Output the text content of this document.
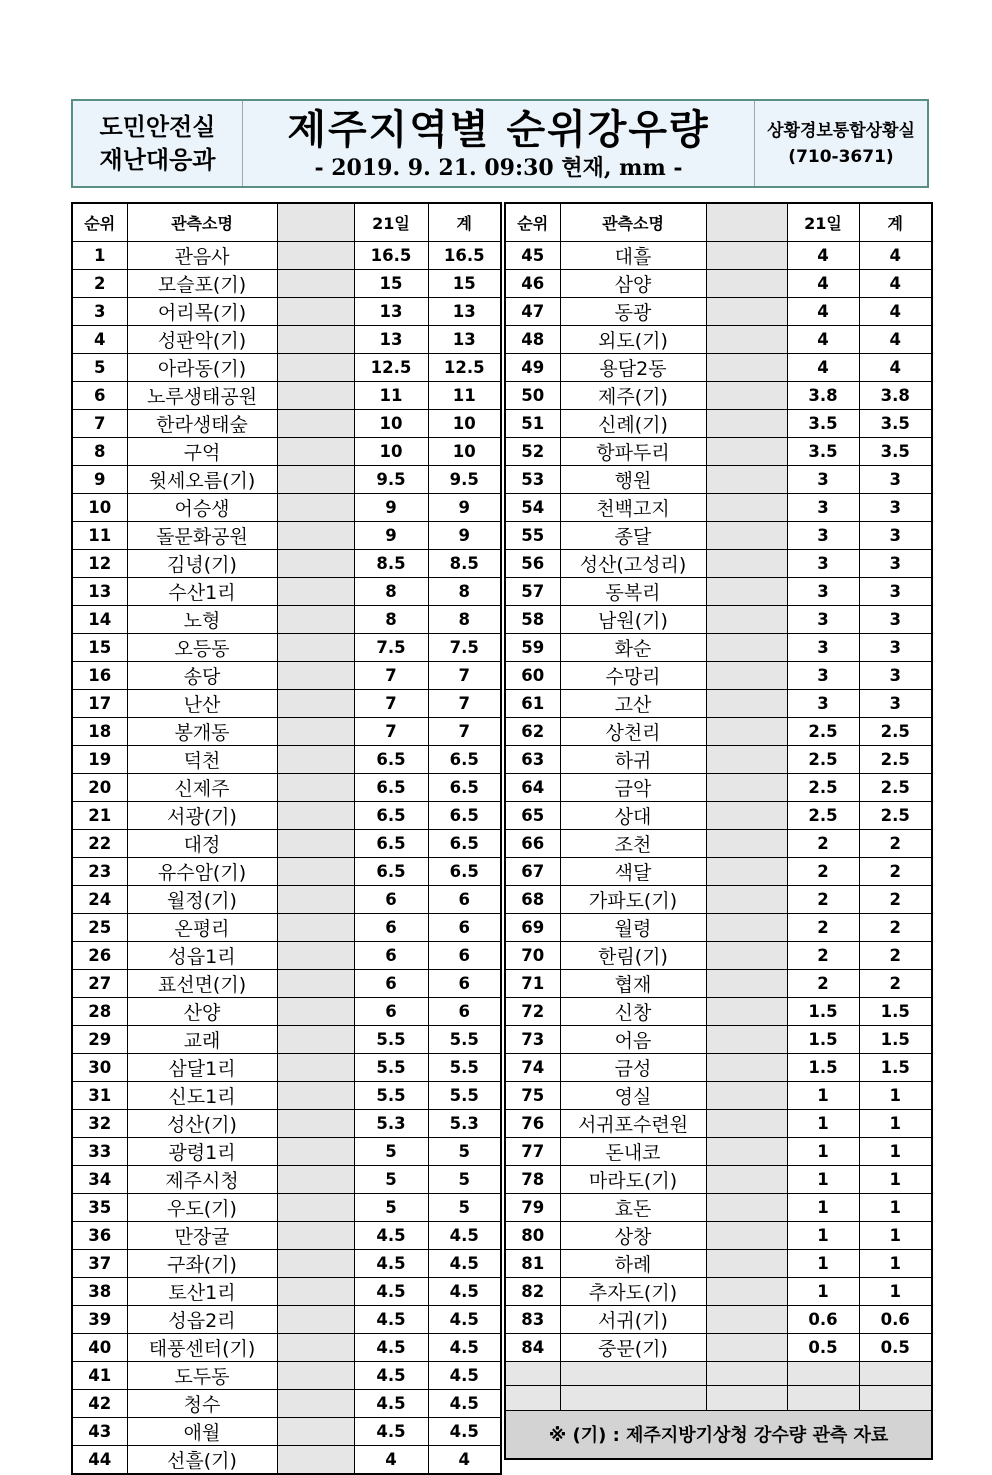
도민안전실
재난대응과
제주지역별 순위강우량
- 2019. 9. 21. 09:30 현재, mm -
상황경보통합상황실
(710-3671)
순위	관측소명		21일	계
1	관음사		16.5	16.5
2	모슬포(기)		15	15
3	어리목(기)		13	13
4	성판악(기)		13	13
5	아라동(기)		12.5	12.5
6	노루생태공원		11	11
7	한라생태숲		10	10
8	구억		10	10
9	윗세오름(기)		9.5	9.5
10	어승생		9	9
11	돌문화공원		9	9
12	김녕(기)		8.5	8.5
13	수산1리		8	8
14	노형		8	8
15	오등동		7.5	7.5
16	송당		7	7
17	난산		7	7
18	봉개동		7	7
19	덕천		6.5	6.5
20	신제주		6.5	6.5
21	서광(기)		6.5	6.5
22	대정		6.5	6.5
23	유수암(기)		6.5	6.5
24	월정(기)		6	6
25	온평리		6	6
26	성읍1리		6	6
27	표선면(기)		6	6
28	산양		6	6
29	교래		5.5	5.5
30	삼달1리		5.5	5.5
31	신도1리		5.5	5.5
32	성산(기)		5.3	5.3
33	광령1리		5	5
34	제주시청		5	5
35	우도(기)		5	5
36	만장굴		4.5	4.5
37	구좌(기)		4.5	4.5
38	토산1리		4.5	4.5
39	성읍2리		4.5	4.5
40	태풍센터(기)		4.5	4.5
41	도두동		4.5	4.5
42	청수		4.5	4.5
43	애월		4.5	4.5
44	선흘(기)		4	4
순위	관측소명		21일	계
45	대흘		4	4
46	삼양		4	4
47	동광		4	4
48	외도(기)		4	4
49	용담2동		4	4
50	제주(기)		3.8	3.8
51	신례(기)		3.5	3.5
52	항파두리		3.5	3.5
53	행원		3	3
54	천백고지		3	3
55	종달		3	3
56	성산(고성리)		3	3
57	동복리		3	3
58	남원(기)		3	3
59	화순		3	3
60	수망리		3	3
61	고산		3	3
62	상천리		2.5	2.5
63	하귀		2.5	2.5
64	금악		2.5	2.5
65	상대		2.5	2.5
66	조천		2	2
67	색달		2	2
68	가파도(기)		2	2
69	월령		2	2
70	한림(기)		2	2
71	협재		2	2
72	신창		1.5	1.5
73	어음		1.5	1.5
74	금성		1.5	1.5
75	영실		1	1
76	서귀포수련원		1	1
77	돈내코		1	1
78	마라도(기)		1	1
79	효돈		1	1
80	상창		1	1
81	하례		1	1
82	추자도(기)		1	1
83	서귀(기)		0.6	0.6
84	중문(기)		0.5	0.5

※ (기) : 제주지방기상청 강수량 관측 자료				
